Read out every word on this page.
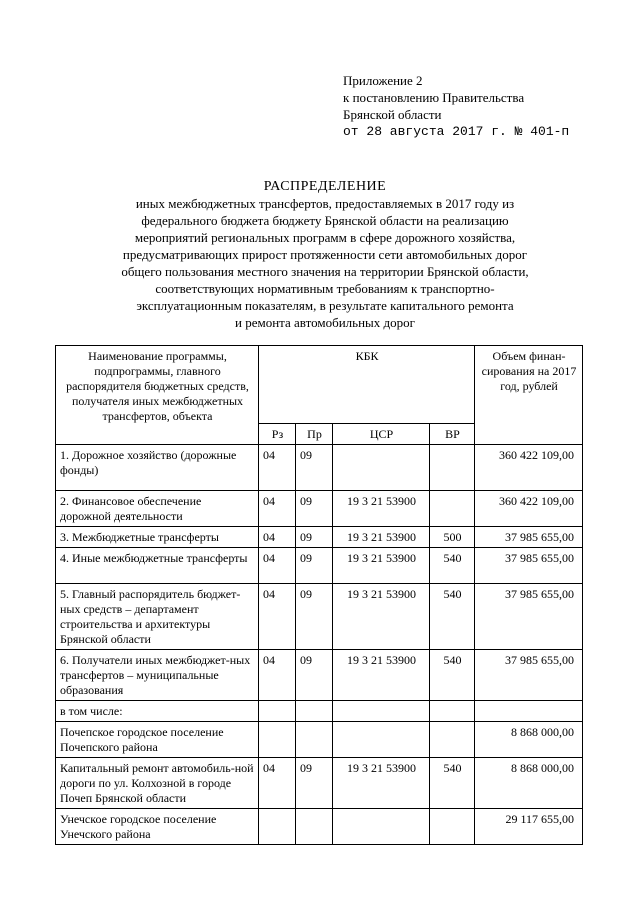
Приложение 2
к постановлению Правительства
Брянской области
от 28 августа 2017 г. № 401-п
РАСПРЕДЕЛЕНИЕ
иных межбюджетных трансфертов, предоставляемых в 2017 году из
федерального бюджета бюджету Брянской области на реализацию
мероприятий региональных программ в сфере дорожного хозяйства,
предусматривающих прирост протяженности сети автомобильных дорог
общего пользования местного значения на территории Брянской области,
соответствующих нормативным требованиям к транспортно-
эксплуатационным показателям, в результате капитального ремонта
и ремонта автомобильных дорог
Наименование программы, подпрограммы, главного распорядителя бюджетных средств, получателя иных межбюджетных трансфертов, объекта	КБК				Объем финан-сирования на 2017 год, рублей
	Рз	Пр	ЦСР	ВР	
1. Дорожное хозяйство (дорожные фонды)	04	09			360 422 109,00
2. Финансовое обеспечение дорожной деятельности	04	09	19 3 21 53900		360 422 109,00
3. Межбюджетные трансферты	04	09	19 3 21 53900	500	37 985 655,00
4. Иные межбюджетные трансферты	04	09	19 3 21 53900	540	37 985 655,00
5. Главный распорядитель бюджет-ных средств – департамент строительства и архитектуры Брянской области	04	09	19 3 21 53900	540	37 985 655,00
6. Получатели иных межбюджет-ных трансфертов – муниципальные образования	04	09	19 3 21 53900	540	37 985 655,00
в том числе:					
Почепское городское поселение Почепского района					8 868 000,00
Капитальный ремонт автомобиль-ной дороги по ул. Колхозной в городе Почеп Брянской области	04	09	19 3 21 53900	540	8 868 000,00
Унечское городское поселение Унечского района					29 117 655,00
